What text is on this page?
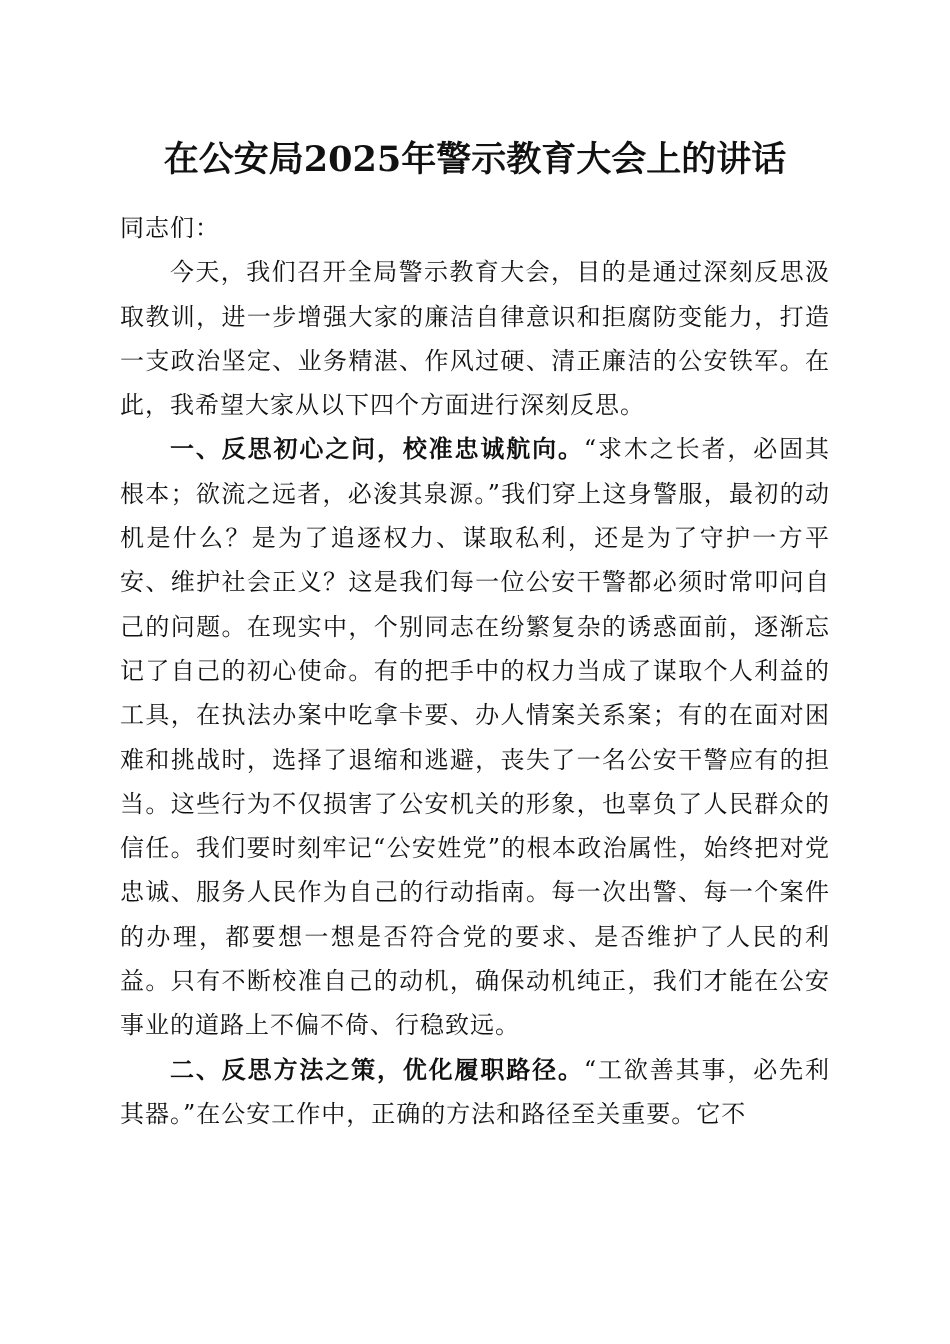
在公安局2025年警示教育大会上的讲话

同志们：

今天，我们召开全局警示教育大会，目的是通过深刻反思汲取教训，进一步增强大家的廉洁自律意识和拒腐防变能力，打造一支政治坚定、业务精湛、作风过硬、清正廉洁的公安铁军。在此，我希望大家从以下四个方面进行深刻反思。

一、反思初心之问，校准忠诚航向。“求木之长者，必固其根本；欲流之远者，必浚其泉源。”我们穿上这身警服，最初的动机是什么？是为了追逐权力、谋取私利，还是为了守护一方平安、维护社会正义？这是我们每一位公安干警都必须时常叩问自己的问题。在现实中，个别同志在纷繁复杂的诱惑面前，逐渐忘记了自己的初心使命。有的把手中的权力当成了谋取个人利益的工具，在执法办案中吃拿卡要、办人情案关系案；有的在面对困难和挑战时，选择了退缩和逃避，丧失了一名公安干警应有的担当。这些行为不仅损害了公安机关的形象，也辜负了人民群众的信任。我们要时刻牢记“公安姓党”的根本政治属性，始终把对党忠诚、服务人民作为自己的行动指南。每一次出警、每一个案件的办理，都要想一想是否符合党的要求、是否维护了人民的利益。只有不断校准自己的动机，确保动机纯正，我们才能在公安事业的道路上不偏不倚、行稳致远。

二、反思方法之策，优化履职路径。“工欲善其事，必先利其器。”在公安工作中，正确的方法和路径至关重要。它不
